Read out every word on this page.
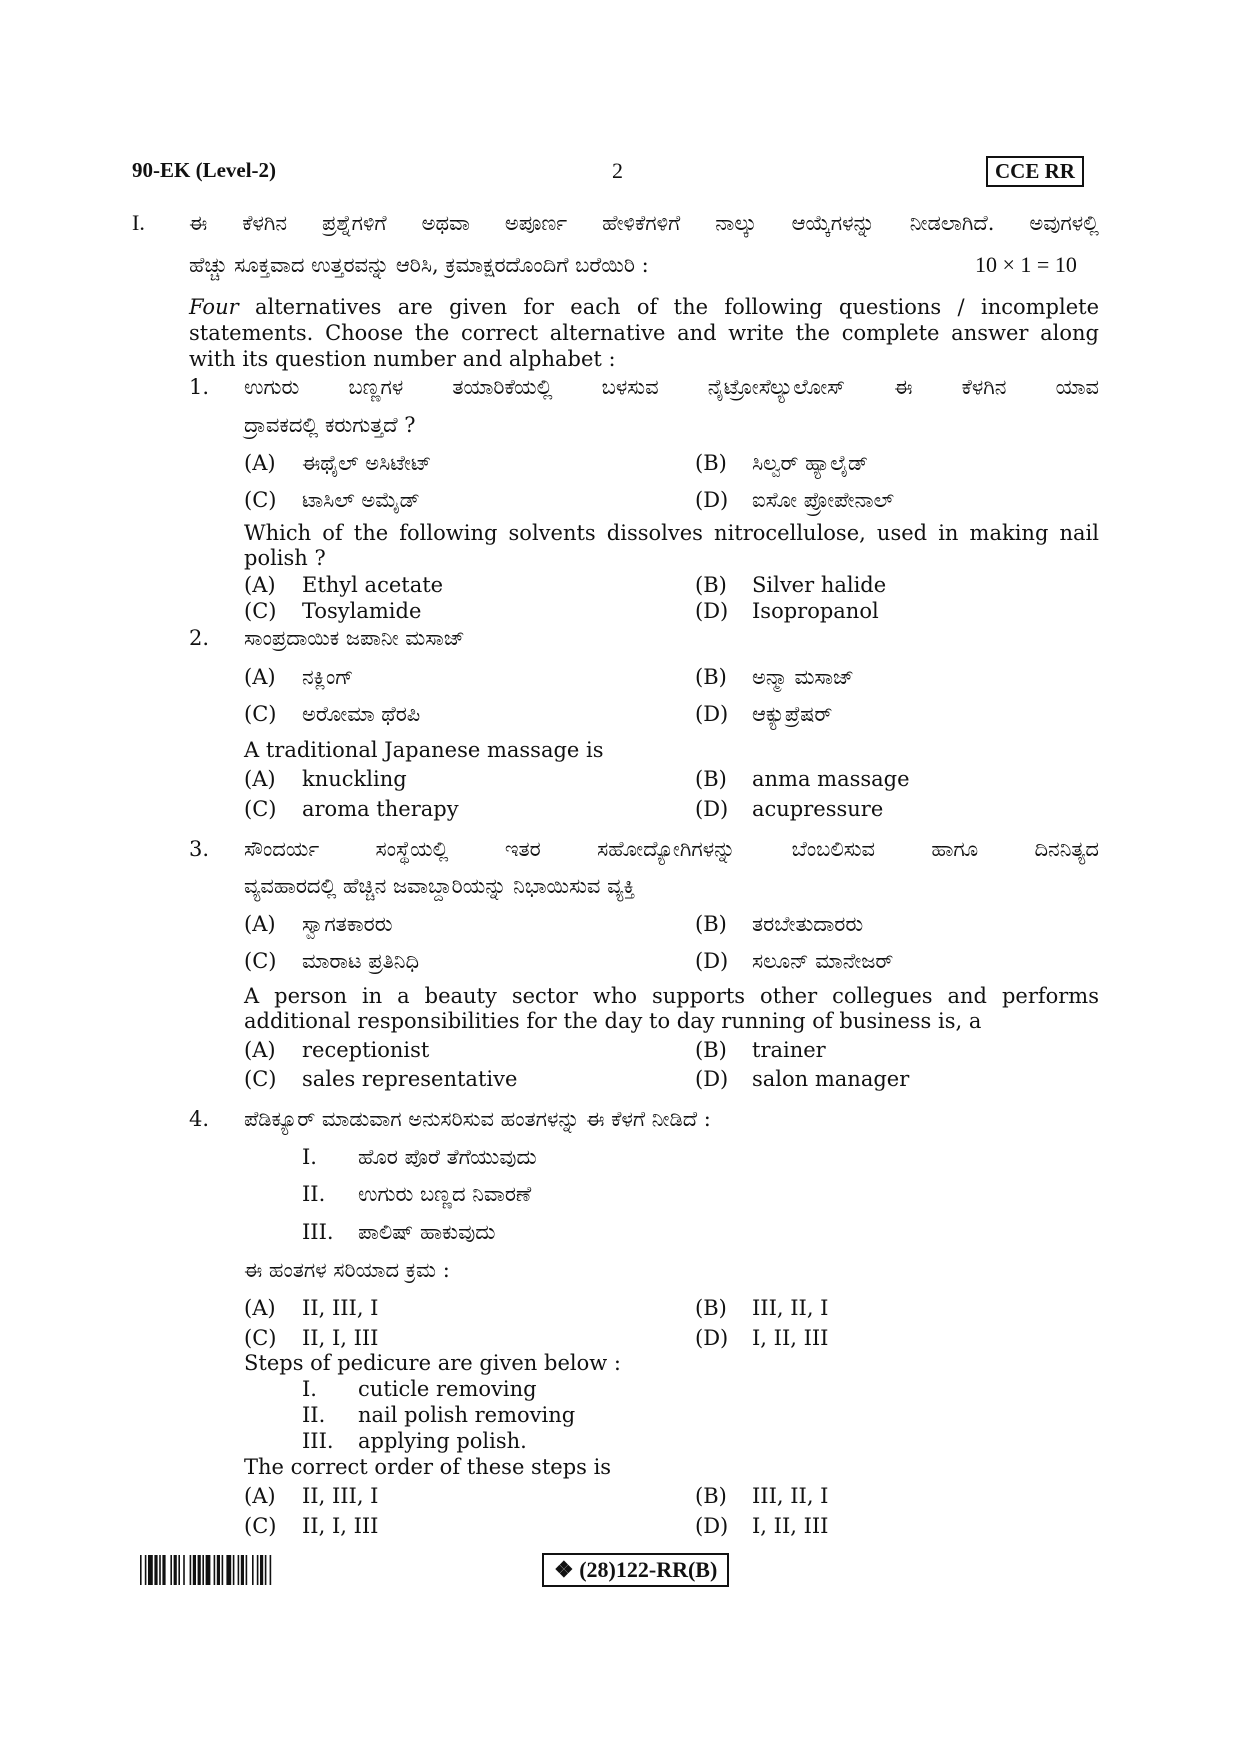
90-EK (Level-2)	2	CCE RR
I. ಈ ಕೆಳಗಿನ ಪ್ರಶ್ನೆಗಳಿಗೆ ಅಥವಾ ಅಪೂರ್ಣ ಹೇಳಿಕೆಗಳಿಗೆ ನಾಲ್ಕು ಆಯ್ಕೆಗಳನ್ನು ನೀಡಲಾಗಿದೆ. ಅವುಗಳಲ್ಲಿ
ಹೆಚ್ಚು ಸೂಕ್ತವಾದ ಉತ್ತರವನ್ನು ಆರಿಸಿ, ಕ್ರಮಾಕ್ಷರದೊಂದಿಗೆ ಬರೆಯಿರಿ :	10 × 1 = 10
Four alternatives are given for each of the following questions / incomplete
statements. Choose the correct alternative and write the complete answer along
with its question number and alphabet :
1. ಉಗುರು ಬಣ್ಣಗಳ ತಯಾರಿಕೆಯಲ್ಲಿ ಬಳಸುವ ನೈಟ್ರೋಸೆಲ್ಯುಲೋಸ್ ಈ ಕೆಳಗಿನ ಯಾವ
ದ್ರಾವಕದಲ್ಲಿ ಕರುಗುತ್ತದೆ ?
(A) ಈಥೈಲ್ ಅಸಿಟೇಟ್	(B) ಸಿಲ್ವರ್ ಹ್ಯಾಲೈಡ್
(C) ಟಾಸಿಲ್ ಅಮೈಡ್	(D) ಐಸೋ ಪ್ರೋಪೇನಾಲ್
Which of the following solvents dissolves nitrocellulose, used in making nail
polish ?
(A) Ethyl acetate	(B) Silver halide
(C) Tosylamide	(D) Isopropanol
2. ಸಾಂಪ್ರದಾಯಿಕ ಜಪಾನೀ ಮಸಾಜ್
(A) ನಕ್ಲಿಂಗ್	(B) ಅನ್ಮಾ ಮಸಾಜ್
(C) ಅರೋಮಾ ಥೆರಪಿ	(D) ಆಕ್ಯುಪ್ರೆಷರ್
A traditional Japanese massage is
(A) knuckling	(B) anma massage
(C) aroma therapy	(D) acupressure
3. ಸೌಂದರ್ಯ ಸಂಸ್ಥೆಯಲ್ಲಿ ಇತರ ಸಹೋದ್ಯೋಗಿಗಳನ್ನು ಬೆಂಬಲಿಸುವ ಹಾಗೂ ದಿನನಿತ್ಯದ
ವ್ಯವಹಾರದಲ್ಲಿ ಹೆಚ್ಚಿನ ಜವಾಬ್ದಾರಿಯನ್ನು ನಿಭಾಯಿಸುವ ವ್ಯಕ್ತಿ
(A) ಸ್ವಾಗತಕಾರರು	(B) ತರಬೇತುದಾರರು
(C) ಮಾರಾಟ ಪ್ರತಿನಿಧಿ	(D) ಸಲೂನ್ ಮಾನೇಜರ್
A person in a beauty sector who supports other collegues and performs
additional responsibilities for the day to day running of business is, a
(A) receptionist	(B) trainer
(C) sales representative	(D) salon manager
4. ಪೆಡಿಕ್ಯೂರ್ ಮಾಡುವಾಗ ಅನುಸರಿಸುವ ಹಂತಗಳನ್ನು ಈ ಕೆಳಗೆ ನೀಡಿದೆ :
I. ಹೊರ ಪೊರೆ ತೆಗೆಯುವುದು
II. ಉಗುರು ಬಣ್ಣದ ನಿವಾರಣೆ
III. ಪಾಲಿಷ್ ಹಾಕುವುದು
ಈ ಹಂತಗಳ ಸರಿಯಾದ ಕ್ರಮ :
(A) II, III, I	(B) III, II, I
(C) II, I, III	(D) I, II, III
Steps of pedicure are given below :
I. cuticle removing
II. nail polish removing
III. applying polish.
The correct order of these steps is
(A) II, III, I	(B) III, II, I
(C) II, I, III	(D) I, II, III
❖ (28)122-RR(B)
